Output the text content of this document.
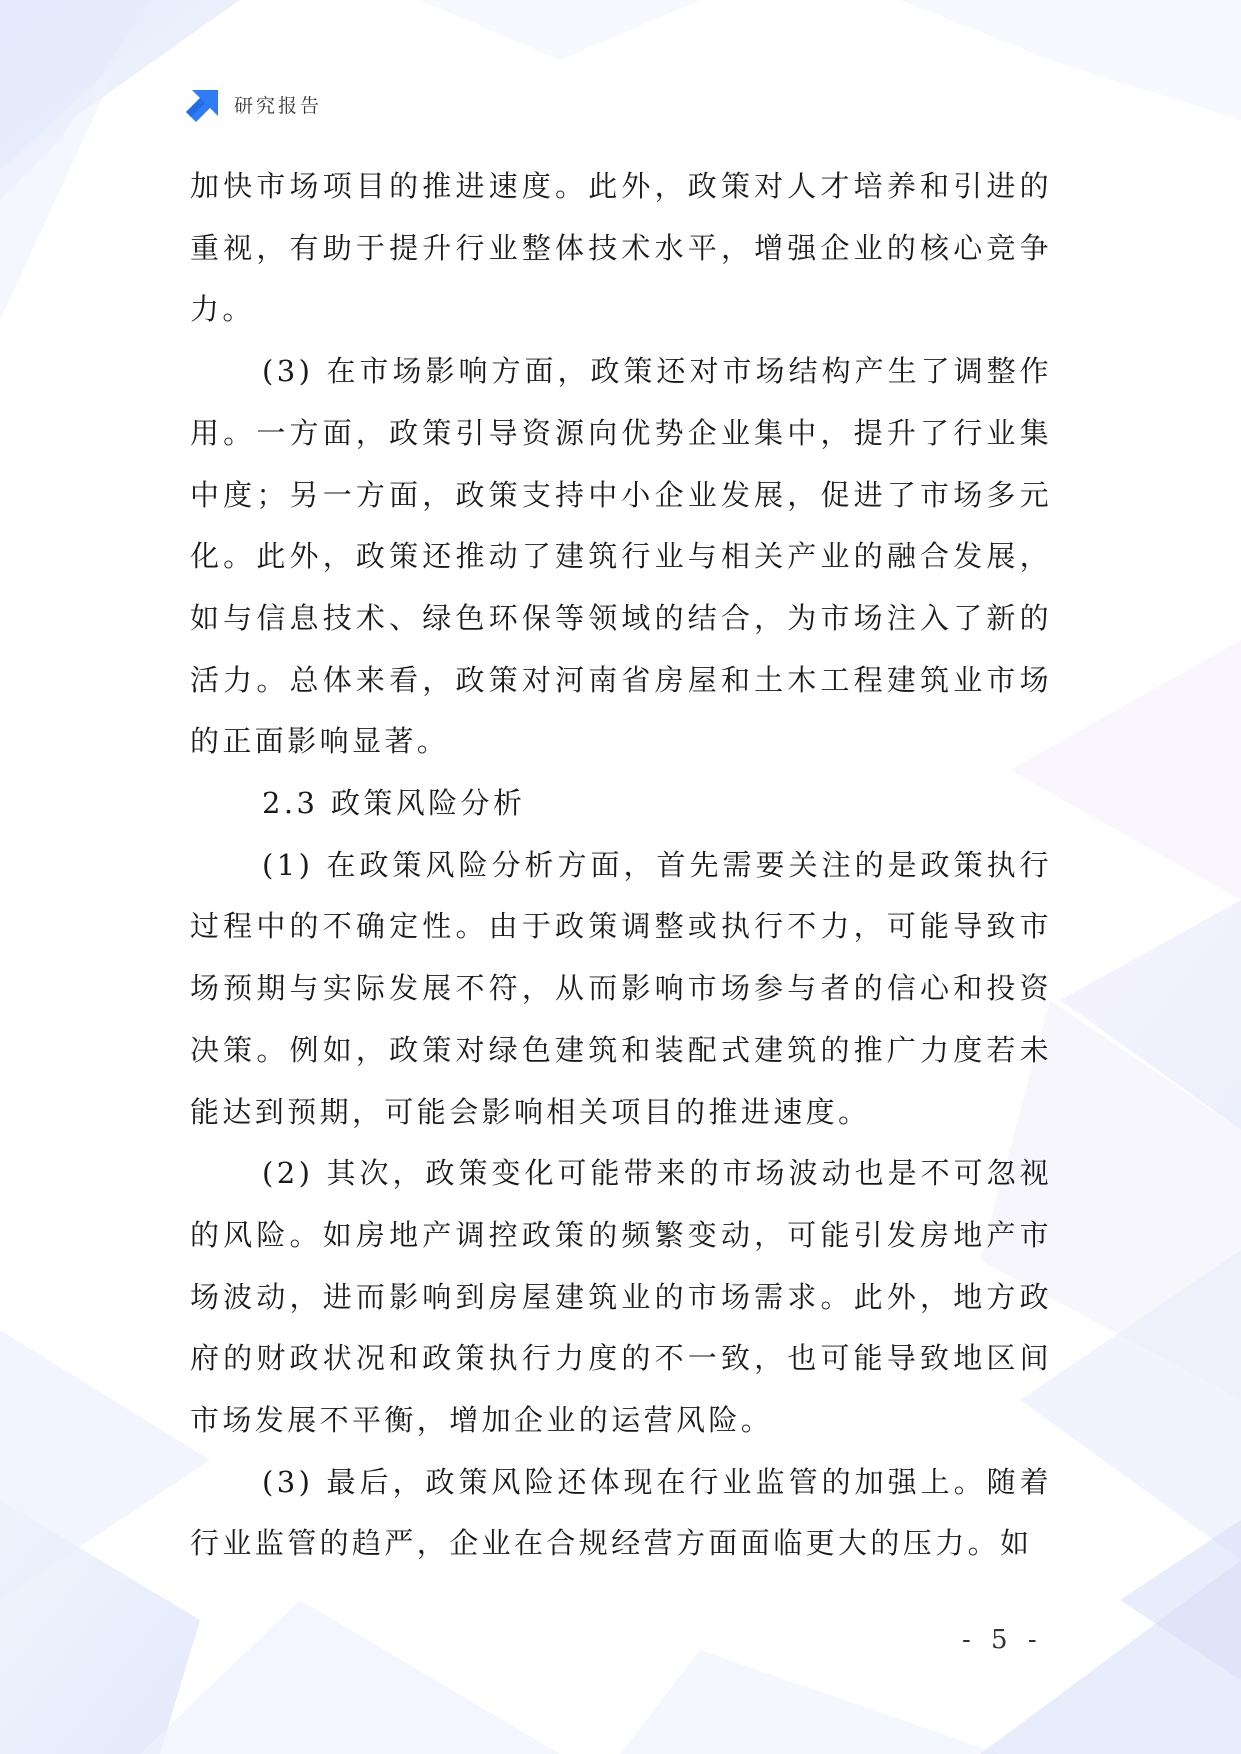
研究报告

加快市场项目的推进速度。此外，政策对人才培养和引进的重视，有助于提升行业整体技术水平，增强企业的核心竞争力。

(3) 在市场影响方面，政策还对市场结构产生了调整作用。一方面，政策引导资源向优势企业集中，提升了行业集中度；另一方面，政策支持中小企业发展，促进了市场多元化。此外，政策还推动了建筑行业与相关产业的融合发展，如与信息技术、绿色环保等领域的结合，为市场注入了新的活力。总体来看，政策对河南省房屋和土木工程建筑业市场的正面影响显著。

2.3 政策风险分析

(1) 在政策风险分析方面，首先需要关注的是政策执行过程中的不确定性。由于政策调整或执行不力，可能导致市场预期与实际发展不符，从而影响市场参与者的信心和投资决策。例如，政策对绿色建筑和装配式建筑的推广力度若未能达到预期，可能会影响相关项目的推进速度。

(2) 其次，政策变化可能带来的市场波动也是不可忽视的风险。如房地产调控政策的频繁变动，可能引发房地产市场波动，进而影响到房屋建筑业的市场需求。此外，地方政府的财政状况和政策执行力度的不一致，也可能导致地区间市场发展不平衡，增加企业的运营风险。

(3) 最后，政策风险还体现在行业监管的加强上。随着行业监管的趋严，企业在合规经营方面面临更大的压力。如

- 5 -
